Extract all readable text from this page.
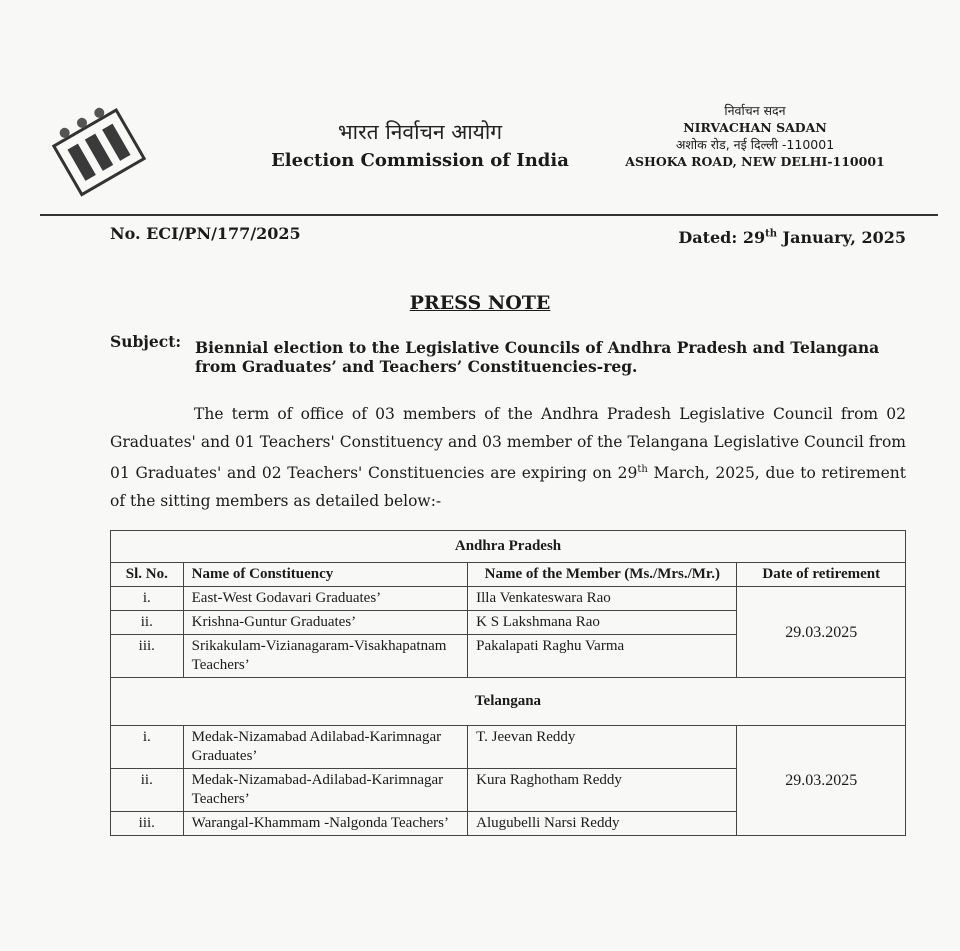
भारत निर्वाचन आयोग
Election Commission of India
निर्वाचन सदन
NIRVACHAN SADAN
अशोक रोड, नई दिल्ली -110001
ASHOKA ROAD, NEW DELHI-110001
No. ECI/PN/177/2025	Dated: 29th January, 2025
PRESS NOTE
Subject: Biennial election to the Legislative Councils of Andhra Pradesh and Telangana from Graduates’ and Teachers’ Constituencies-reg.

The term of office of 03 members of the Andhra Pradesh Legislative Council from 02 Graduates' and 01 Teachers' Constituency and 03 member of the Telangana Legislative Council from 01 Graduates' and 02 Teachers' Constituencies are expiring on 29th March, 2025, due to retirement of the sitting members as detailed below:-

Andhra Pradesh			
Sl. No.	Name of Constituency	Name of the Member (Ms./Mrs./Mr.)	Date of retirement
i.	East-West Godavari Graduates’	Illa Venkateswara Rao	29.03.2025
ii.	Krishna-Guntur Graduates’	K S Lakshmana Rao	
iii.	Srikakulam-Vizianagaram-Visakhapatnam Teachers’	Pakalapati Raghu Varma	
Telangana			
i.	Medak-Nizamabad Adilabad-Karimnagar Graduates’	T. Jeevan Reddy	29.03.2025
ii.	Medak-Nizamabad-Adilabad-Karimnagar Teachers’	Kura Raghotham Reddy	
iii.	Warangal-Khammam -Nalgonda Teachers’	Alugubelli Narsi Reddy	
